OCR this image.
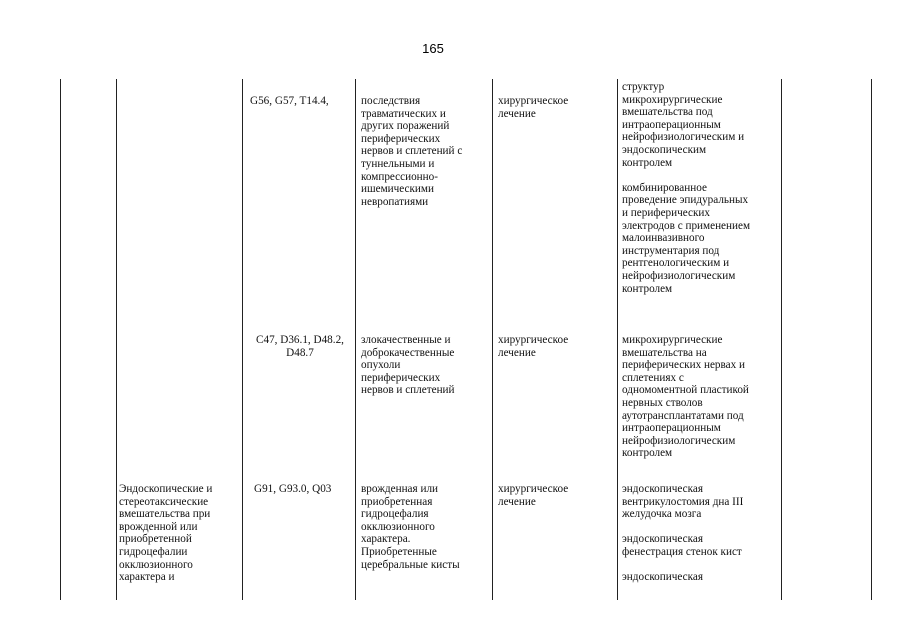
165
G56, G57, T14.4,	последствия
травматических и
других поражений
периферических
нервов и сплетений с
туннельными и
компрессионно-
ишемическими
невропатиями
хирургическое
лечение
структур
микрохирургические
вмешательства под
интраоперационным
нейрофизиологическим и
эндоскопическим
контролем

комбинированное
проведение эпидуральных
и периферических
электродов с применением
малоинвазивного
инструментария под
рентгенологическим и
нейрофизиологическим
контролем
C47, D36.1, D48.2,
D48.7
злокачественные и
доброкачественные
опухоли
периферических
нервов и сплетений
хирургическое
лечение
микрохирургические
вмешательства на
периферических нервах и
сплетениях с
одномоментной пластикой
нервных стволов
аутотрансплантатами под
интраоперационным
нейрофизиологическим
контролем
Эндоскопические и
стереотаксические
вмешательства при
врожденной или
приобретенной
гидроцефалии
окклюзионного
характера и
G91, G93.0, Q03	врожденная или
приобретенная
гидроцефалия
окклюзионного
характера.
Приобретенные
церебральные кисты
хирургическое
лечение
эндоскопическая
вентрикулостомия дна III
желудочка мозга

эндоскопическая
фенестрация стенок кист

эндоскопическая
